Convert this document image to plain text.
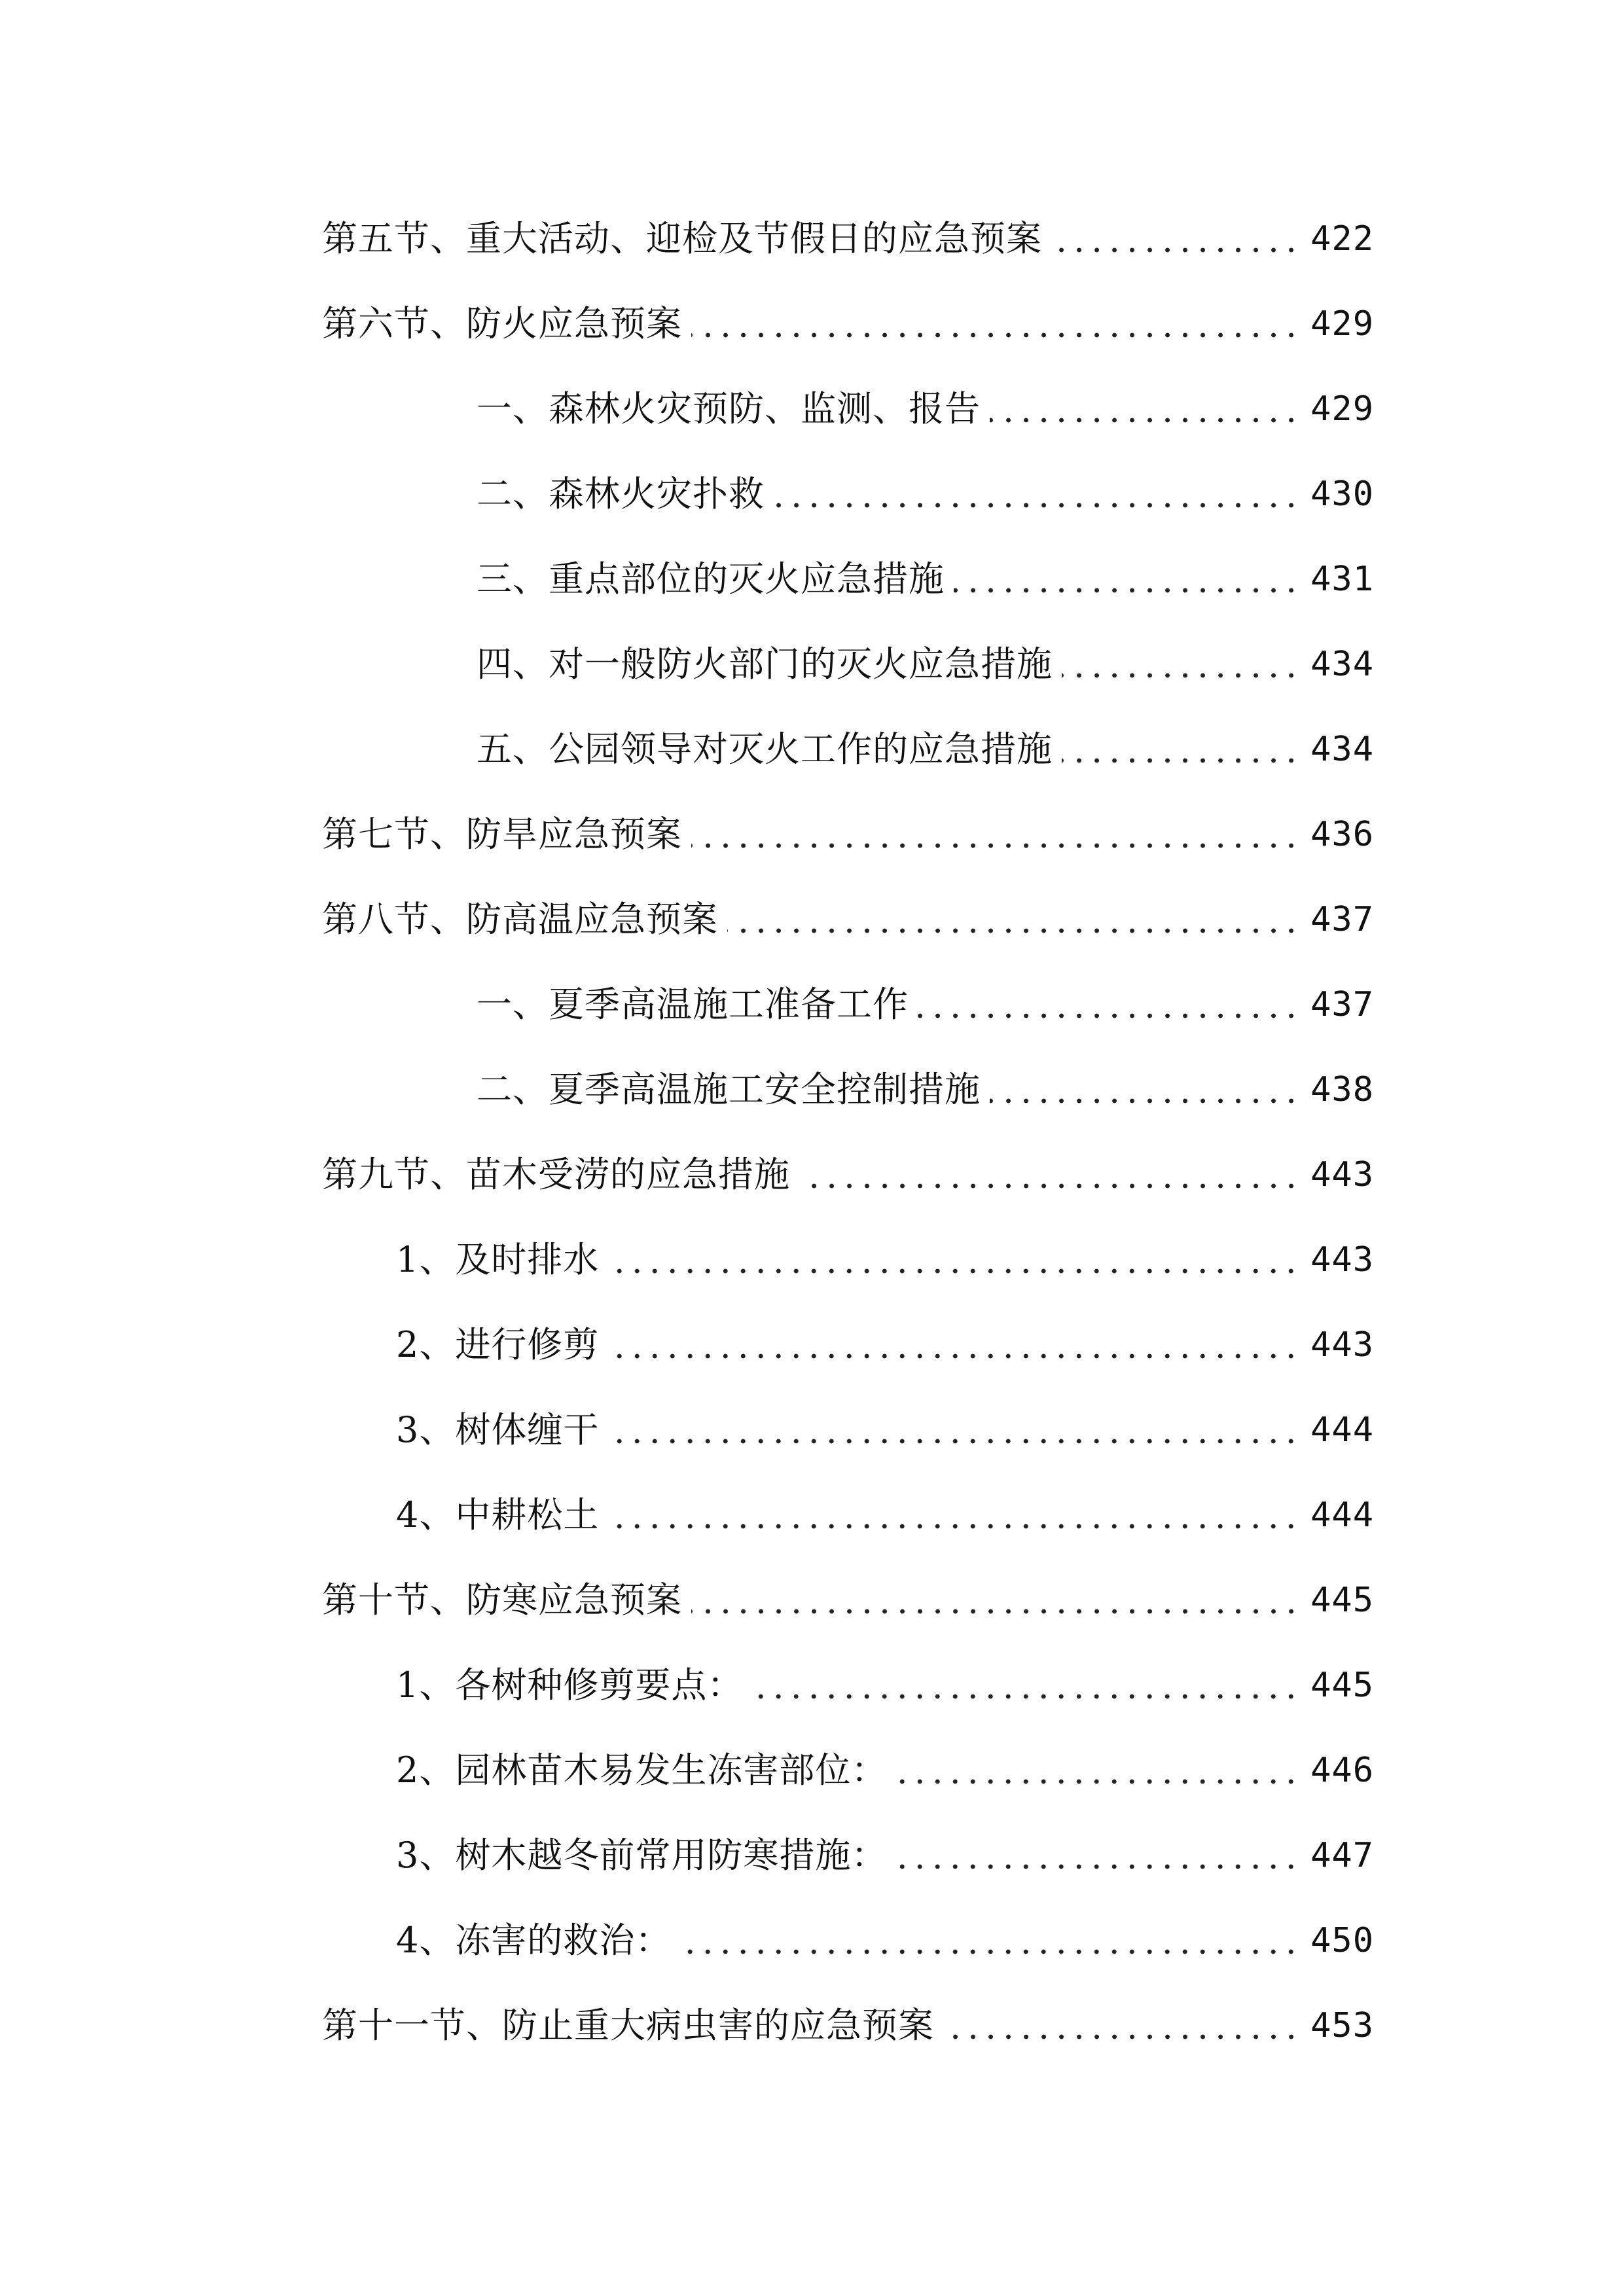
第五节、重大活动、迎检及节假日的应急预案	422
第六节、防火应急预案	429
一、森林火灾预防、监测、报告	429
二、森林火灾扑救	430
三、重点部位的灭火应急措施	431
四、对一般防火部门的灭火应急措施	434
五、公园领导对灭火工作的应急措施	434
第七节、防旱应急预案	436
第八节、防高温应急预案	437
一、夏季高温施工准备工作	437
二、夏季高温施工安全控制措施	438
第九节、苗木受涝的应急措施	443
1、及时排水	443
2、进行修剪	443
3、树体缠干	444
4、中耕松土	444
第十节、防寒应急预案	445
1、各树种修剪要点：	445
2、园林苗木易发生冻害部位：	446
3、树木越冬前常用防寒措施：	447
4、冻害的救治：	450
第十一节、防止重大病虫害的应急预案	453
